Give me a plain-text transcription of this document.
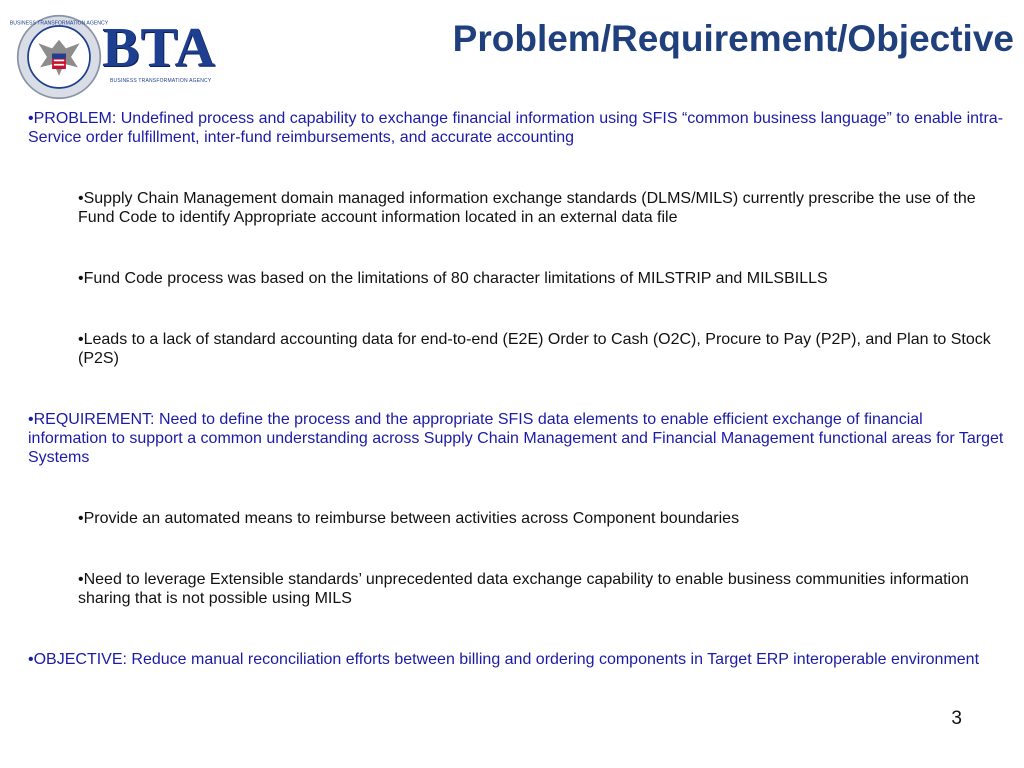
BUSINESS TRANSFORMATION AGENCY
BTA
BUSINESS TRANSFORMATION AGENCY
Problem/Requirement/Objective

•PROBLEM: Undefined process and capability to exchange financial information using SFIS “common business language” to enable intra-Service order fulfillment, inter-fund reimbursements, and accurate accounting

•Supply Chain Management domain managed information exchange standards (DLMS/MILS) currently prescribe the use of the Fund Code to identify Appropriate account information located in an external data file

•Fund Code process was based on the limitations of 80 character limitations of MILSTRIP and MILSBILLS

•Leads to a lack of standard accounting data for end-to-end (E2E) Order to Cash (O2C), Procure to Pay (P2P), and Plan to Stock (P2S)

•REQUIREMENT: Need to define the process and the appropriate SFIS data elements to enable efficient exchange of financial information to support a common understanding across Supply Chain Management and Financial Management functional areas for Target Systems

•Provide an automated means to reimburse between activities across Component boundaries

•Need to leverage Extensible standards’ unprecedented data exchange capability to enable business communities information sharing that is not possible using MILS

•OBJECTIVE: Reduce manual reconciliation efforts between billing and ordering components in Target ERP interoperable environment

3
